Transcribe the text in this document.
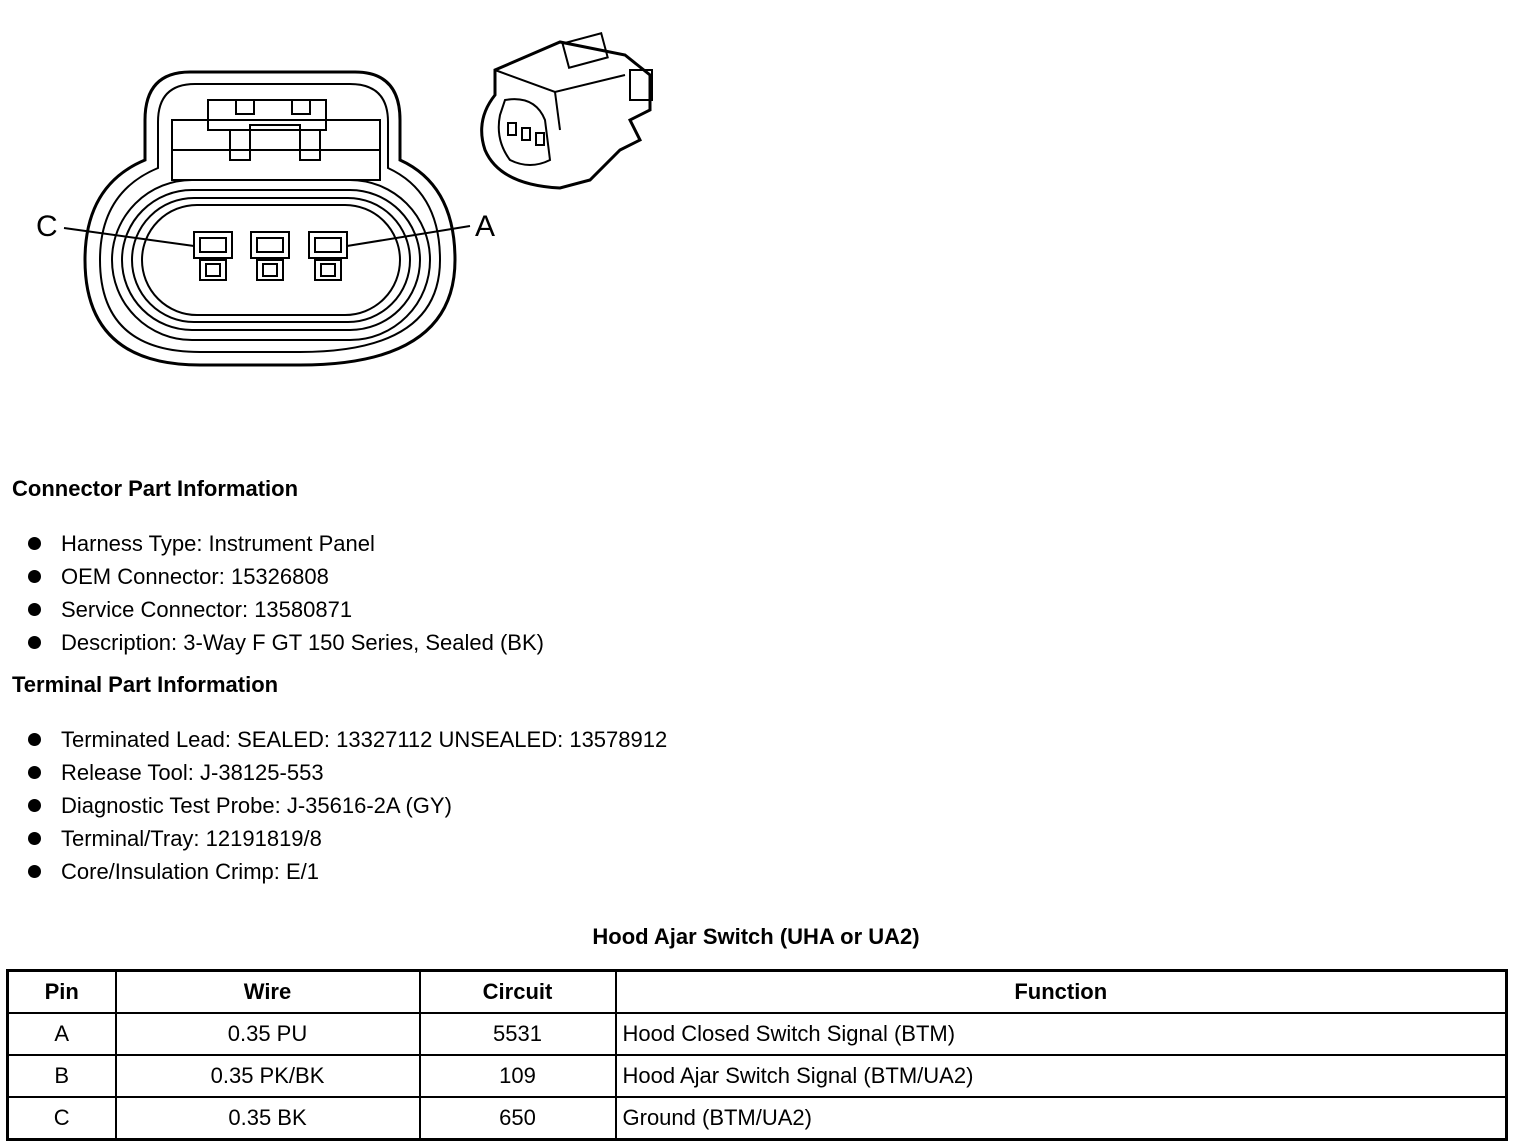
C	A
Connector Part Information
Harness Type: Instrument Panel
OEM Connector: 15326808
Service Connector: 13580871
Description: 3-Way F GT 150 Series, Sealed (BK)
Terminal Part Information
Terminated Lead: SEALED: 13327112 UNSEALED: 13578912
Release Tool: J-38125-553
Diagnostic Test Probe: J-35616-2A (GY)
Terminal/Tray: 12191819/8
Core/Insulation Crimp: E/1
Hood Ajar Switch (UHA or UA2)
Pin	Wire	Circuit	Function
A	0.35 PU	5531	Hood Closed Switch Signal (BTM)
B	0.35 PK/BK	109	Hood Ajar Switch Signal (BTM/UA2)
C	0.35 BK	650	Ground (BTM/UA2)
